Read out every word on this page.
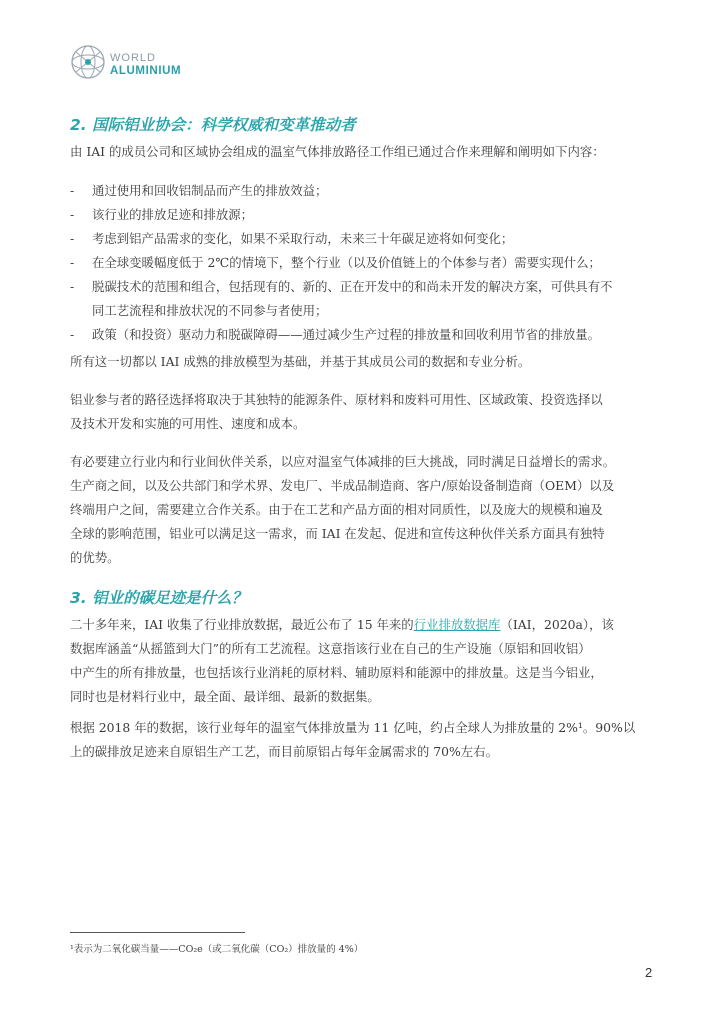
WORLD
ALUMINIUM
2. 国际铝业协会：科学权威和变革推动者
由 IAI 的成员公司和区域协会组成的温室气体排放路径工作组已通过合作来理解和阐明如下内容：
- 通过使用和回收铝制品而产生的排放效益；
- 该行业的排放足迹和排放源；
- 考虑到铝产品需求的变化，如果不采取行动，未来三十年碳足迹将如何变化；
- 在全球变暖幅度低于 2℃的情境下，整个行业（以及价值链上的个体参与者）需要实现什么；
- 脱碳技术的范围和组合，包括现有的、新的、正在开发中的和尚未开发的解决方案，可供具有不
同工艺流程和排放状况的不同参与者使用；
- 政策（和投资）驱动力和脱碳障碍——通过减少生产过程的排放量和回收利用节省的排放量。
所有这一切都以 IAI 成熟的排放模型为基础，并基于其成员公司的数据和专业分析。
铝业参与者的路径选择将取决于其独特的能源条件、原材料和废料可用性、区域政策、投资选择以
及技术开发和实施的可用性、速度和成本。
有必要建立行业内和行业间伙伴关系，以应对温室气体减排的巨大挑战，同时满足日益增长的需求。
生产商之间，以及公共部门和学术界、发电厂、半成品制造商、客户/原始设备制造商（OEM）以及
终端用户之间，需要建立合作关系。由于在工艺和产品方面的相对同质性，以及庞大的规模和遍及
全球的影响范围，铝业可以满足这一需求，而 IAI 在发起、促进和宣传这种伙伴关系方面具有独特
的优势。
3. 铝业的碳足迹是什么？
二十多年来，IAI 收集了行业排放数据，最近公布了 15 年来的行业排放数据库（IAI，2020a），该
数据库涵盖“从摇篮到大门”的所有工艺流程。这意指该行业在自己的生产设施（原铝和回收铝）
中产生的所有排放量，也包括该行业消耗的原材料、辅助原料和能源中的排放量。这是当今铝业，
同时也是材料行业中，最全面、最详细、最新的数据集。
根据 2018 年的数据，该行业每年的温室气体排放量为 11 亿吨，约占全球人为排放量的 2%¹。90%以
上的碳排放足迹来自原铝生产工艺，而目前原铝占每年金属需求的 70%左右。
¹表示为二氧化碳当量——CO₂e（或二氧化碳（CO₂）排放量的 4%）
2
